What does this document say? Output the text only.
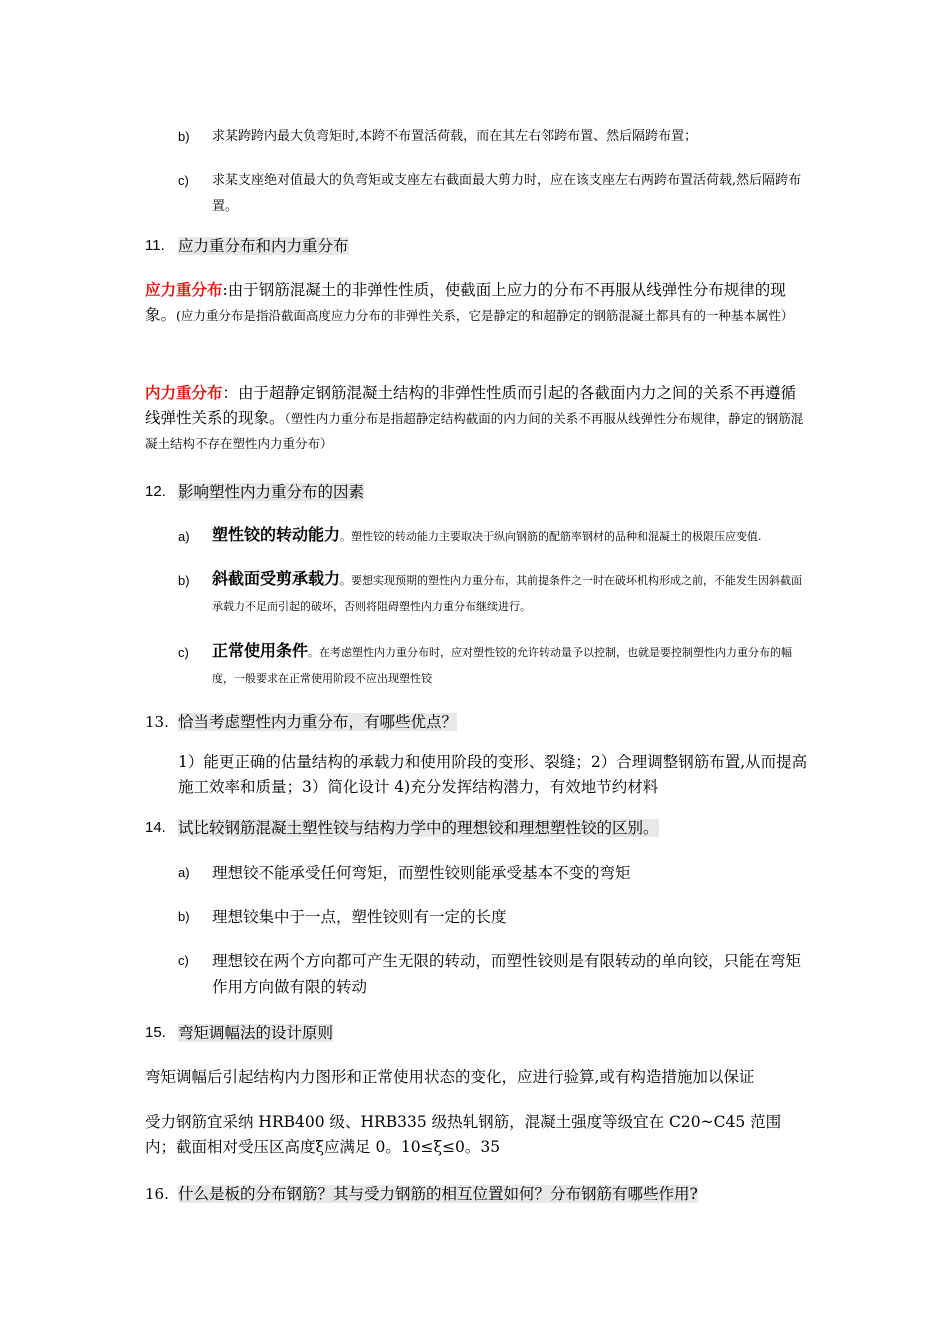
b) 求某跨跨内最大负弯矩时,本跨不布置活荷载，而在其左右邻跨布置、然后隔跨布置；
c) 求某支座绝对值最大的负弯矩或支座左右截面最大剪力时，应在该支座左右两跨布置活荷载,然后隔跨布置。
11. 应力重分布和内力重分布
应力重分布:由于钢筋混凝土的非弹性性质，使截面上应力的分布不再服从线弹性分布规律的现象。(应力重分布是指沿截面高度应力分布的非弹性关系，它是静定的和超静定的钢筋混凝土都具有的一种基本属性）
内力重分布：由于超静定钢筋混凝土结构的非弹性性质而引起的各截面内力之间的关系不再遵循线弹性关系的现象。（塑性内力重分布是指超静定结构截面的内力间的关系不再服从线弹性分布规律，静定的钢筋混凝土结构不存在塑性内力重分布）
12. 影响塑性内力重分布的因素
a) 塑性铰的转动能力。塑性铰的转动能力主要取决于纵向钢筋的配筋率钢材的品种和混凝土的极限压应变值.
b) 斜截面受剪承载力。要想实现预期的塑性内力重分布，其前提条件之一时在破坏机构形成之前，不能发生因斜截面承载力不足而引起的破坏，否则将阻碍塑性内力重分布继续进行。
c) 正常使用条件。在考虑塑性内力重分布时，应对塑性铰的允许转动量予以控制，也就是要控制塑性内力重分布的幅度，一般要求在正常使用阶段不应出现塑性铰
13. 恰当考虑塑性内力重分布，有哪些优点？
1）能更正确的估量结构的承载力和使用阶段的变形、裂缝；2）合理调整钢筋布置,从而提高施工效率和质量；3）简化设计 4)充分发挥结构潜力，有效地节约材料
14. 试比较钢筋混凝土塑性铰与结构力学中的理想铰和理想塑性铰的区别。
a) 理想铰不能承受任何弯矩，而塑性铰则能承受基本不变的弯矩
b) 理想铰集中于一点，塑性铰则有一定的长度
c) 理想铰在两个方向都可产生无限的转动，而塑性铰则是有限转动的单向铰，只能在弯矩作用方向做有限的转动
15. 弯矩调幅法的设计原则
弯矩调幅后引起结构内力图形和正常使用状态的变化，应进行验算,或有构造措施加以保证
受力钢筋宜采纳 HRB400 级、HRB335 级热轧钢筋，混凝土强度等级宜在 C20~C45 范围内；截面相对受压区高度ξ应满足 0。10≤ξ≤0。35
16. 什么是板的分布钢筋？其与受力钢筋的相互位置如何？分布钢筋有哪些作用?
